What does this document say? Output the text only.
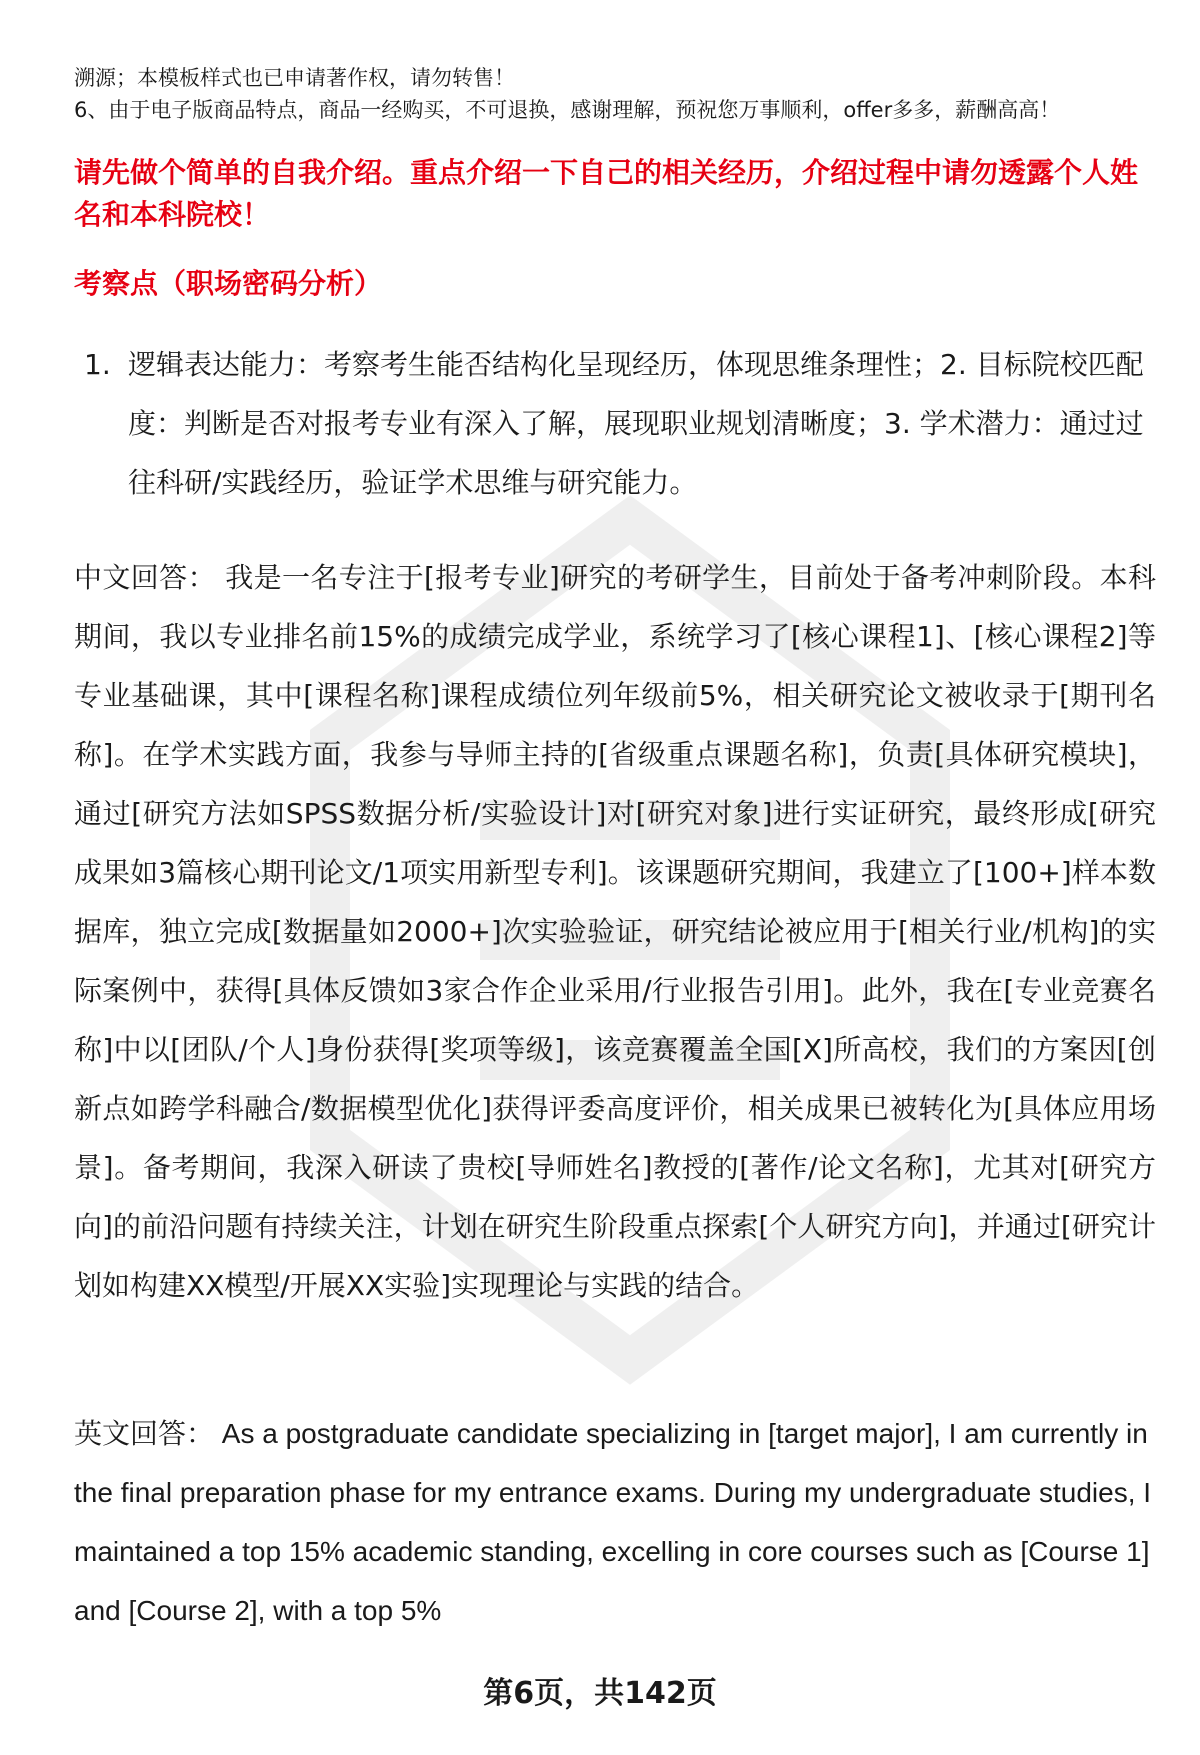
溯源；本模板样式也已申请著作权，请勿转售！
6、由于电子版商品特点，商品一经购买，不可退换，感谢理解，预祝您万事顺利，offer多多，薪酬高高！
请先做个简单的自我介绍。重点介绍一下自己的相关经历，介绍过程中请勿透露个人姓名和本科院校！
考察点（职场密码分析）
1. 逻辑表达能力：考察考生能否结构化呈现经历，体现思维条理性；2. 目标院校匹配度：判断是否对报考专业有深入了解，展现职业规划清晰度；3. 学术潜力：通过过往科研/实践经历，验证学术思维与研究能力。
中文回答： 我是一名专注于[报考专业]研究的考研学生，目前处于备考冲刺阶段。本科期间，我以专业排名前15%的成绩完成学业，系统学习了[核心课程1]、[核心课程2]等专业基础课，其中[课程名称]课程成绩位列年级前5%，相关研究论文被收录于[期刊名称]。在学术实践方面，我参与导师主持的[省级重点课题名称]，负责[具体研究模块]，通过[研究方法如SPSS数据分析/实验设计]对[研究对象]进行实证研究，最终形成[研究成果如3篇核心期刊论文/1项实用新型专利]。该课题研究期间，我建立了[100+]样本数据库，独立完成[数据量如2000+]次实验验证，研究结论被应用于[相关行业/机构]的实际案例中，获得[具体反馈如3家合作企业采用/行业报告引用]。此外，我在[专业竞赛名称]中以[团队/个人]身份获得[奖项等级]，该竞赛覆盖全国[X]所高校，我们的方案因[创新点如跨学科融合/数据模型优化]获得评委高度评价，相关成果已被转化为[具体应用场景]。备考期间，我深入研读了贵校[导师姓名]教授的[著作/论文名称]，尤其对[研究方向]的前沿问题有持续关注，计划在研究生阶段重点探索[个人研究方向]，并通过[研究计划如构建XX模型/开展XX实验]实现理论与实践的结合。
英文回答： As a postgraduate candidate specializing in [target major], I am currently in the final preparation phase for my entrance exams. During my undergraduate studies, I maintained a top 15% academic standing, excelling in core courses such as [Course 1] and [Course 2], with a top 5%
第6页，共142页
